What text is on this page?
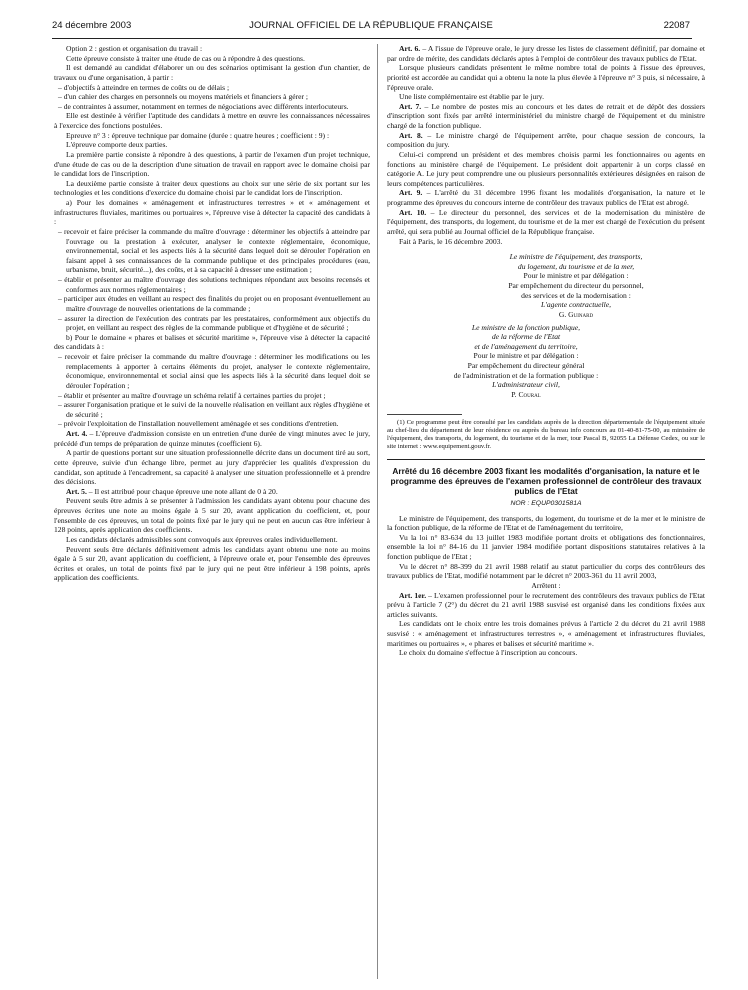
24 décembre 2003	JOURNAL OFFICIEL DE LA RÉPUBLIQUE FRANÇAISE	22087

Option 2 : gestion et organisation du travail :

Cette épreuve consiste à traiter une étude de cas ou à répondre à des questions.

Il est demandé au candidat d'élaborer un ou des scénarios optimisant la gestion d'un chantier, de travaux ou d'une organisation, à partir :

– d'objectifs à atteindre en termes de coûts ou de délais ;

– d'un cahier des charges en personnels ou moyens matériels et financiers à gérer ;

– de contraintes à assumer, notamment en termes de négociations avec différents interlocuteurs.

Elle est destinée à vérifier l'aptitude des candidats à mettre en œuvre les connaissances nécessaires à l'exercice des fonctions postulées.

Epreuve n° 3 : épreuve technique par domaine (durée : quatre heures ; coefficient : 9) :

L'épreuve comporte deux parties.

La première partie consiste à répondre à des questions, à partir de l'examen d'un projet technique, d'une étude de cas ou de la description d'une situation de travail en rapport avec le domaine choisi par le candidat lors de l'inscription.

La deuxième partie consiste à traiter deux questions au choix sur une série de six portant sur les technologies et les conditions d'exercice du domaine choisi par le candidat lors de l'inscription.

a) Pour les domaines « aménagement et infrastructures terrestres » et « aménagement et infrastructures fluviales, maritimes ou portuaires », l'épreuve vise à détecter la capacité des candidats à :

– recevoir et faire préciser la commande du maître d'ouvrage : déterminer les objectifs à atteindre par l'ouvrage ou la prestation à exécuter, analyser le contexte réglementaire, économique, environnemental, social et les aspects liés à la sécurité dans lequel doit se dérouler l'opération en faisant appel à ses connaissances de la commande publique et des principales procédures (eau, urbanisme, bruit, sécurité...), des coûts, et à sa capacité à dresser une estimation ;

– établir et présenter au maître d'ouvrage des solutions techniques répondant aux besoins recensés et conformes aux normes réglementaires ;

– participer aux études en veillant au respect des finalités du projet ou en proposant éventuellement au maître d'ouvrage de nouvelles orientations de la commande ;

– assurer la direction de l'exécution des contrats par les prestataires, conformément aux objectifs du projet, en veillant au respect des règles de la commande publique et d'hygiène et de sécurité ;

b) Pour le domaine « phares et balises et sécurité maritime », l'épreuve vise à détecter la capacité des candidats à :

– recevoir et faire préciser la commande du maître d'ouvrage : déterminer les modifications ou les remplacements à apporter à certains éléments du projet, analyser le contexte réglementaire, économique, environnemental et social ainsi que les aspects liés à la sécurité dans lequel doit se dérouler l'opération ;

– établir et présenter au maître d'ouvrage un schéma relatif à certaines parties du projet ;

– assurer l'organisation pratique et le suivi de la nouvelle réalisation en veillant aux règles d'hygiène et de sécurité ;

– prévoir l'exploitation de l'installation nouvellement aménagée et ses conditions d'entretien.

Art. 4. – L'épreuve d'admission consiste en un entretien d'une durée de vingt minutes avec le jury, précédé d'un temps de préparation de quinze minutes (coefficient 6).

A partir de questions portant sur une situation professionnelle décrite dans un document tiré au sort, cette épreuve, suivie d'un échange libre, permet au jury d'apprécier les qualités d'expression du candidat, son aptitude à l'encadrement, sa capacité à analyser une situation professionnelle et à prendre des décisions.

Art. 5. – Il est attribué pour chaque épreuve une note allant de 0 à 20.

Peuvent seuls être admis à se présenter à l'admission les candidats ayant obtenu pour chacune des épreuves écrites une note au moins égale à 5 sur 20, avant application du coefficient, et, pour l'ensemble de ces épreuves, un total de points fixé par le jury qui ne peut en aucun cas être inférieur à 128 points, après application des coefficients.

Les candidats déclarés admissibles sont convoqués aux épreuves orales individuellement.

Peuvent seuls être déclarés définitivement admis les candidats ayant obtenu une note au moins égale à 5 sur 20, avant application du coefficient, à l'épreuve orale et, pour l'ensemble des épreuves écrites et orales, un total de points fixé par le jury qui ne peut être inférieur à 198 points, après application des coefficients.

Art. 6. – A l'issue de l'épreuve orale, le jury dresse les listes de classement définitif, par domaine et par ordre de mérite, des candidats déclarés aptes à l'emploi de contrôleur des travaux publics de l'Etat.

Lorsque plusieurs candidats présentent le même nombre total de points à l'issue des épreuves, priorité est accordée au candidat qui a obtenu la note la plus élevée à l'épreuve n° 3 puis, si nécessaire, à l'épreuve orale.

Une liste complémentaire est établie par le jury.

Art. 7. – Le nombre de postes mis au concours et les dates de retrait et de dépôt des dossiers d'inscription sont fixés par arrêté interministériel du ministre chargé de l'équipement et du ministre chargé de la fonction publique.

Art. 8. – Le ministre chargé de l'équipement arrête, pour chaque session de concours, la composition du jury.

Celui-ci comprend un président et des membres choisis parmi les fonctionnaires ou agents en fonctions au ministère chargé de l'équipement. Le président doit appartenir à un corps classé en catégorie A. Le jury peut comprendre une ou plusieurs personnalités extérieures désignées en raison de leurs compétences particulières.

Art. 9. – L'arrêté du 31 décembre 1996 fixant les modalités d'organisation, la nature et le programme des épreuves du concours interne de contrôleur des travaux publics de l'Etat est abrogé.

Art. 10. – Le directeur du personnel, des services et de la modernisation du ministère de l'équipement, des transports, du logement, du tourisme et de la mer est chargé de l'exécution du présent arrêté, qui sera publié au Journal officiel de la République française.

Fait à Paris, le 16 décembre 2003.

Le ministre de l'équipement, des transports,

du logement, du tourisme et de la mer,

Pour le ministre et par délégation :

Par empêchement du directeur du personnel,

des services et de la modernisation :

L'agente contractuelle,

G. Guinard

Le ministre de la fonction publique,

de la réforme de l'Etat

et de l'aménagement du territoire,

Pour le ministre et par délégation :

Par empêchement du directeur général

de l'administration et de la formation publique :

L'administrateur civil,

P. Coural

(1) Ce programme peut être consulté par les candidats auprès de la direction départementale de l'équipement située au chef-lieu du département de leur résidence ou auprès du bureau info concours au 01-40-81-75-00, au ministère de l'équipement, des transports, du logement, du tourisme et de la mer, tour Pascal B, 92055 La Défense Cedex, ou sur le site internet : www.equipement.gouv.fr.

Arrêté du 16 décembre 2003 fixant les modalités d'organisation, la nature et le programme des épreuves de l'examen professionnel de contrôleur des travaux publics de l'Etat

NOR : EQUP0301581A

Le ministre de l'équipement, des transports, du logement, du tourisme et de la mer et le ministre de la fonction publique, de la réforme de l'Etat et de l'aménagement du territoire,

Vu la loi n° 83-634 du 13 juillet 1983 modifiée portant droits et obligations des fonctionnaires, ensemble la loi n° 84-16 du 11 janvier 1984 modifiée portant dispositions statutaires relatives à la fonction publique de l'Etat ;

Vu le décret n° 88-399 du 21 avril 1988 relatif au statut particulier du corps des contrôleurs des travaux publics de l'Etat, modifié notamment par le décret n° 2003-361 du 11 avril 2003,

Arrêtent :

Art. 1er. – L'examen professionnel pour le recrutement des contrôleurs des travaux publics de l'Etat prévu à l'article 7 (2°) du décret du 21 avril 1988 susvisé est organisé dans les conditions fixées aux articles suivants.

Les candidats ont le choix entre les trois domaines prévus à l'article 2 du décret du 21 avril 1988 susvisé : « aménagement et infrastructures terrestres », « aménagement et infrastructures fluviales, maritimes ou portuaires », « phares et balises et sécurité maritime ».

Le choix du domaine s'effectue à l'inscription au concours.
